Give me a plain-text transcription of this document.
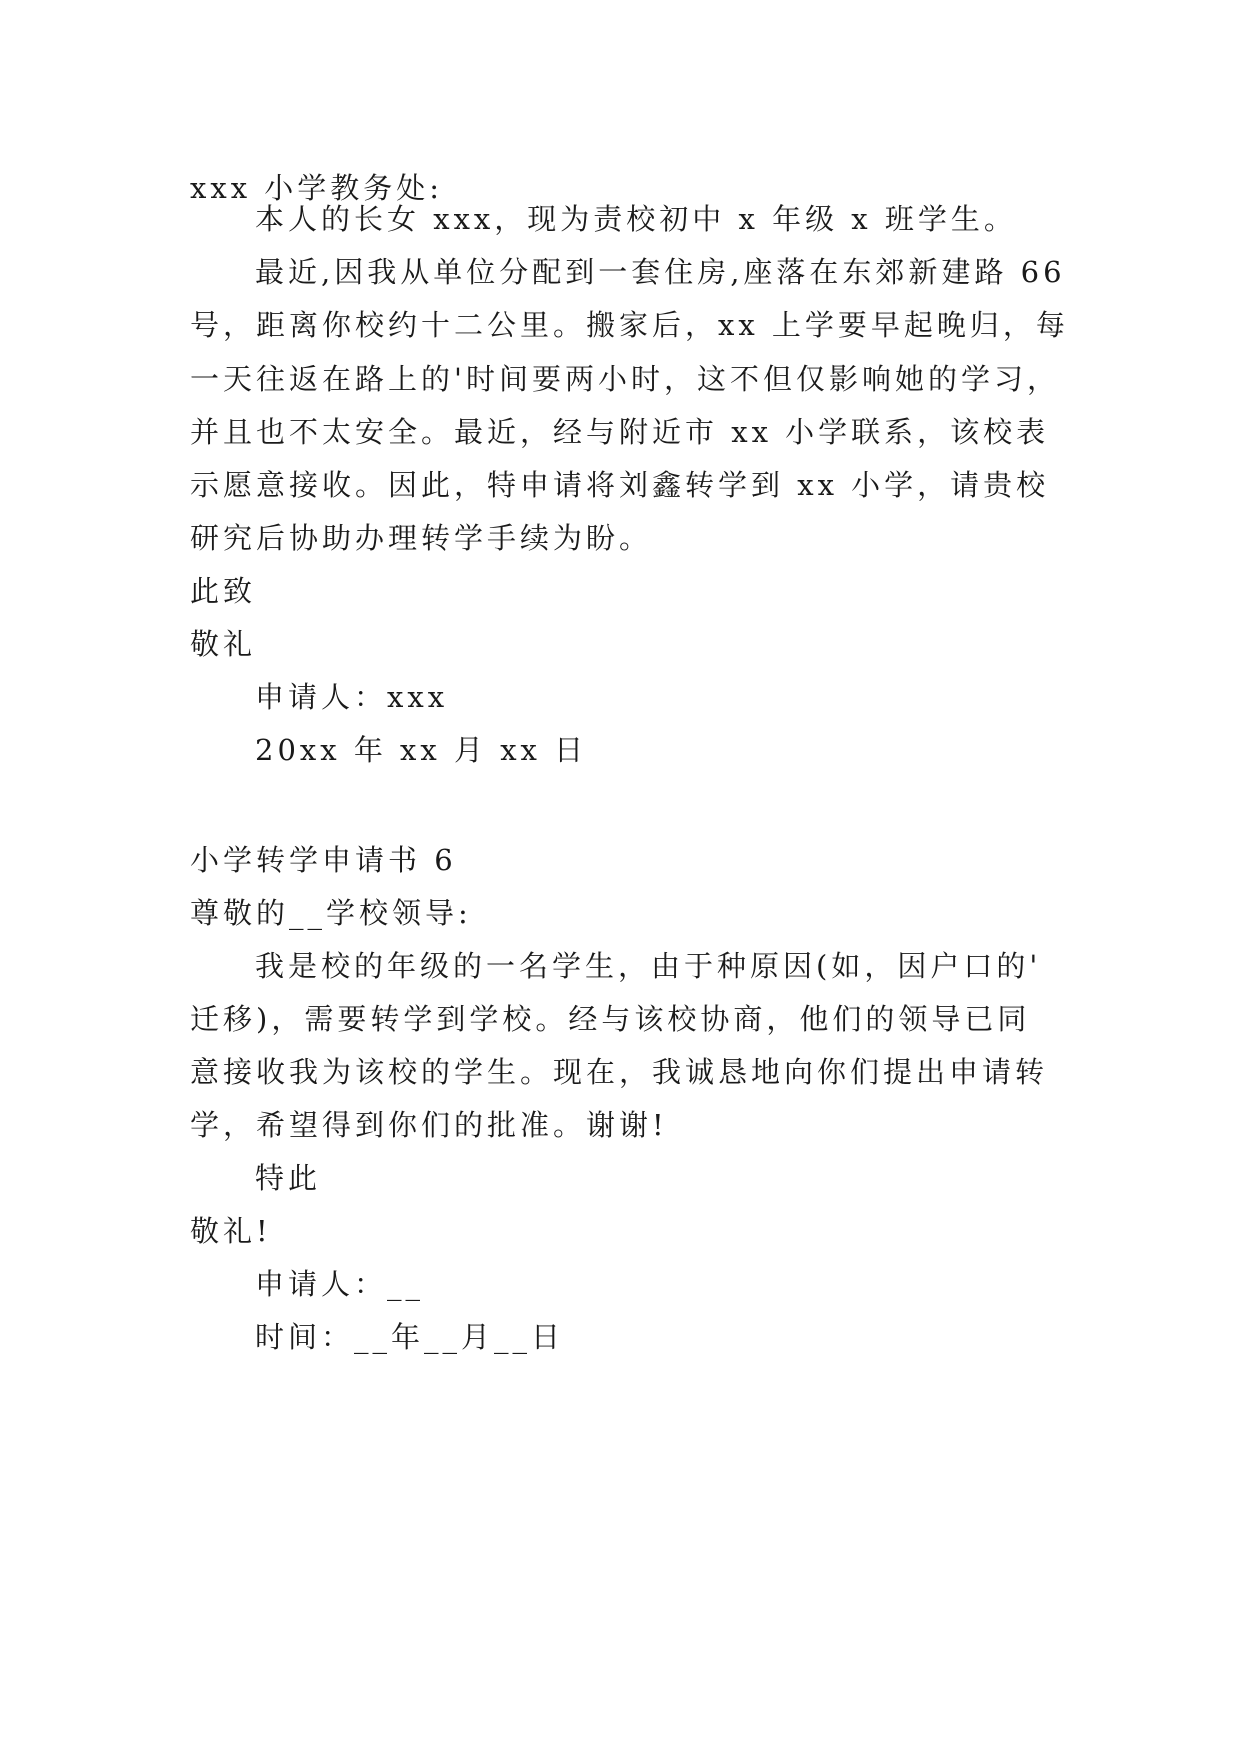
xxx 小学教务处:
本人的长女 xxx，现为责校初中 x 年级 x 班学生。
最近,因我从单位分配到一套住房,座落在东郊新建路 66
号，距离你校约十二公里。搬家后，xx 上学要早起晚归，每
一天往返在路上的'时间要两小时，这不但仅影响她的学习，
并且也不太安全。最近，经与附近市 xx 小学联系，该校表
示愿意接收。因此，特申请将刘鑫转学到 xx 小学，请贵校
研究后协助办理转学手续为盼。
此致
敬礼
申请人：xxx
20xx 年 xx 月 xx 日
小学转学申请书 6
尊敬的__学校领导:
我是校的年级的一名学生，由于种原因(如，因户口的'
迁移)，需要转学到学校。经与该校协商，他们的领导已同
意接收我为该校的学生。现在，我诚恳地向你们提出申请转
学，希望得到你们的批准。谢谢!
特此
敬礼!
申请人：__
时间：__年__月__日
